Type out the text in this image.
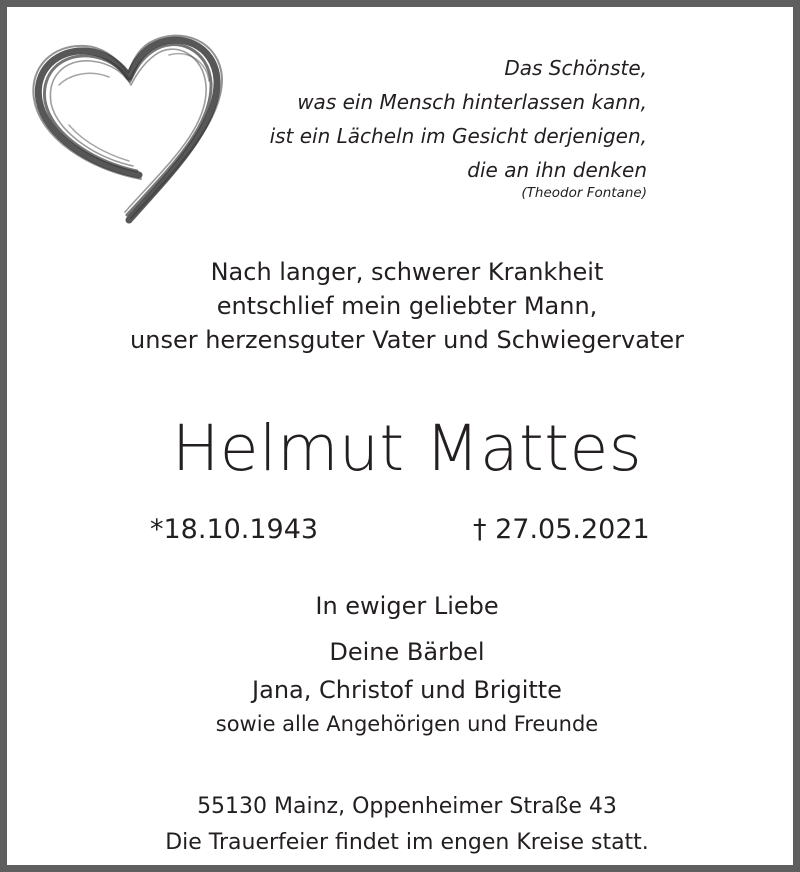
Das Schönste,
was ein Mensch hinterlassen kann,
ist ein Lächeln im Gesicht derjenigen,
die an ihn denken
(Theodor Fontane)
Nach langer, schwerer Krankheit
entschlief mein geliebter Mann,
unser herzensguter Vater und Schwiegervater
Helmut Mattes
*18.10.1943	† 27.05.2021
In ewiger Liebe
Deine Bärbel
Jana, Christof und Brigitte
sowie alle Angehörigen und Freunde
55130 Mainz, Oppenheimer Straße 43
Die Trauerfeier findet im engen Kreise statt.
